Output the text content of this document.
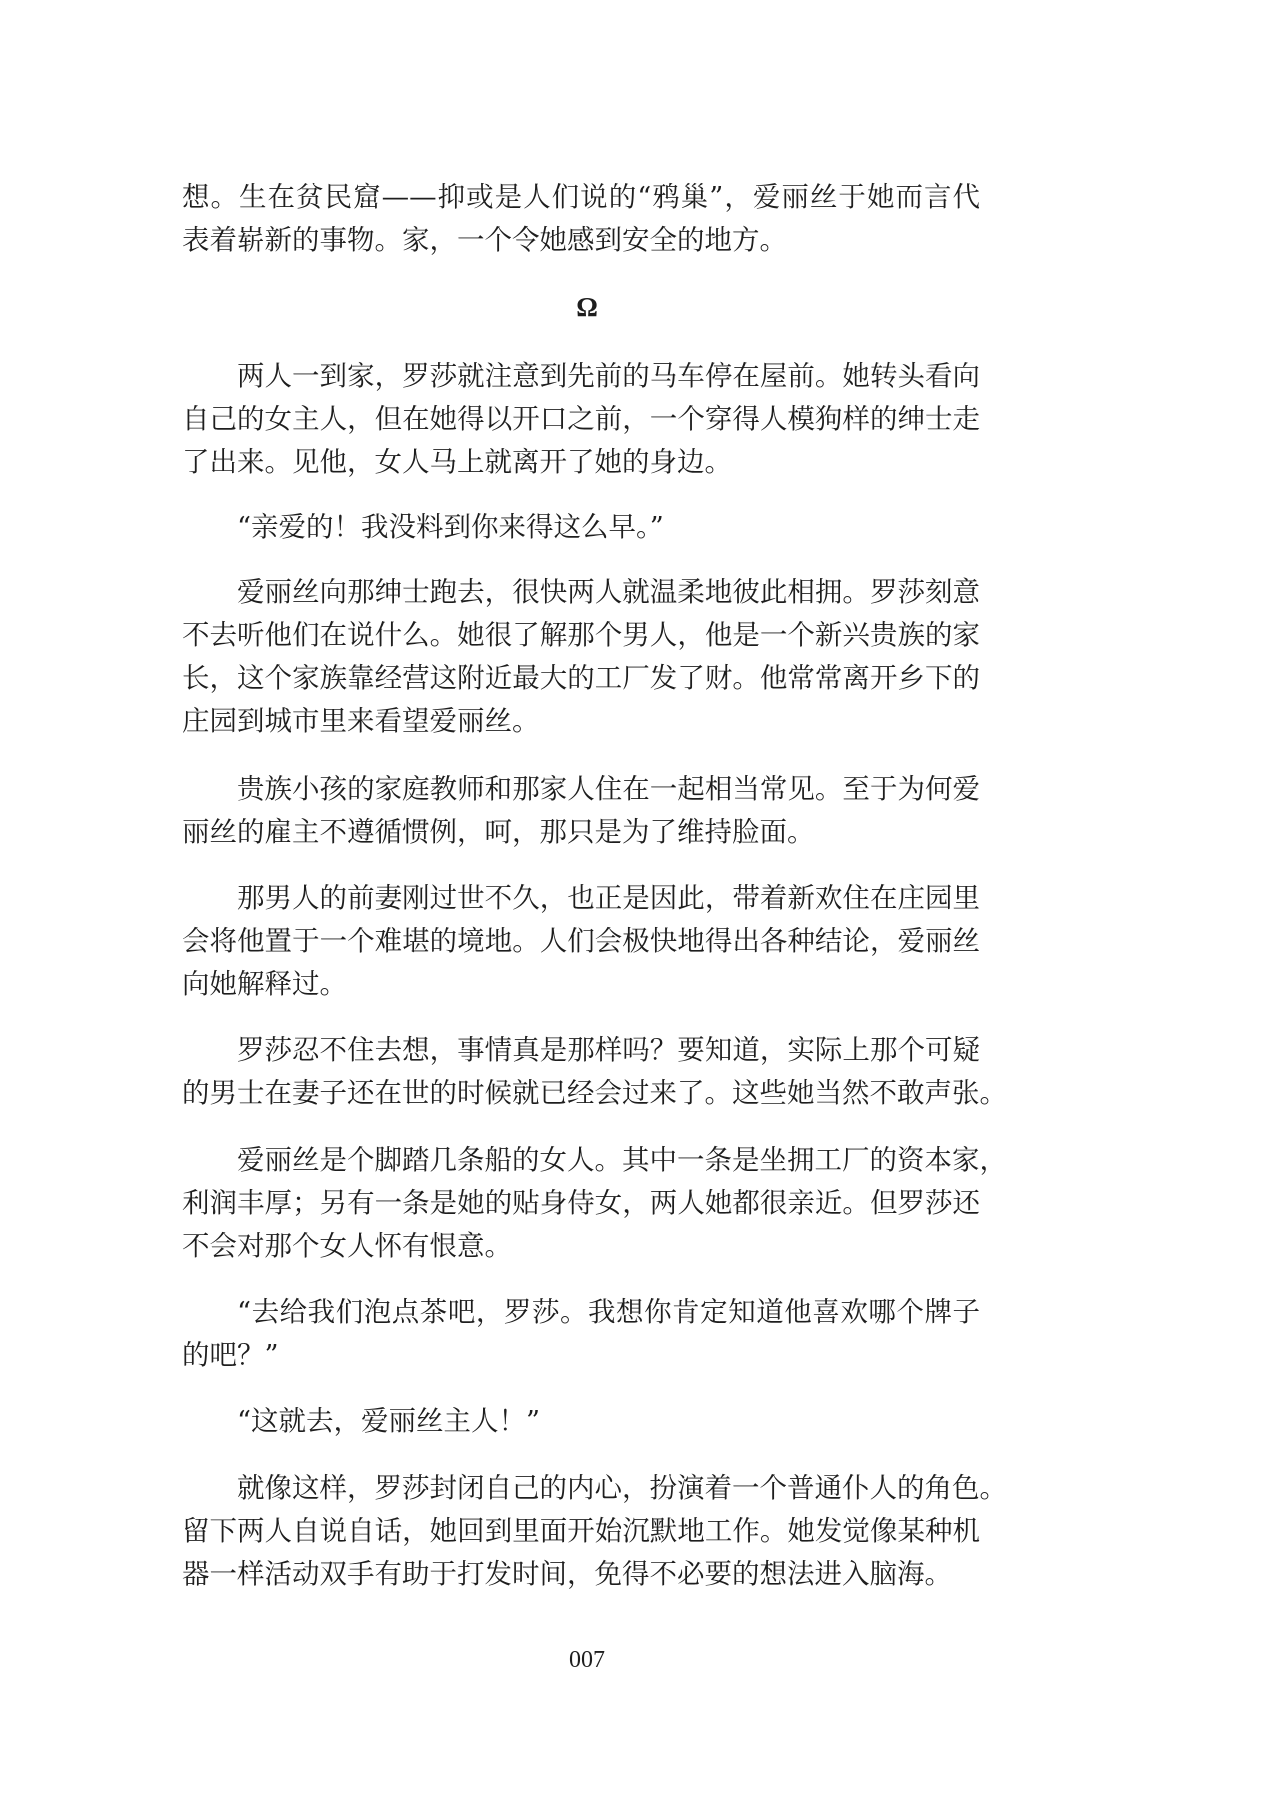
想。生在贫民窟——抑或是人们说的“鸦巢”，爱丽丝于她而言代
表着崭新的事物。家，一个令她感到安全的地方。
Ω
两人一到家，罗莎就注意到先前的马车停在屋前。她转头看向
自己的女主人，但在她得以开口之前，一个穿得人模狗样的绅士走
了出来。见他，女人马上就离开了她的身边。
“亲爱的！我没料到你来得这么早。”
爱丽丝向那绅士跑去，很快两人就温柔地彼此相拥。罗莎刻意
不去听他们在说什么。她很了解那个男人，他是一个新兴贵族的家
长，这个家族靠经营这附近最大的工厂发了财。他常常离开乡下的
庄园到城市里来看望爱丽丝。
贵族小孩的家庭教师和那家人住在一起相当常见。至于为何爱
丽丝的雇主不遵循惯例，呵，那只是为了维持脸面。
那男人的前妻刚过世不久，也正是因此，带着新欢住在庄园里
会将他置于一个难堪的境地。人们会极快地得出各种结论，爱丽丝
向她解释过。
罗莎忍不住去想，事情真是那样吗？要知道，实际上那个可疑
的男士在妻子还在世的时候就已经会过来了。这些她当然不敢声张。
爱丽丝是个脚踏几条船的女人。其中一条是坐拥工厂的资本家，
利润丰厚；另有一条是她的贴身侍女，两人她都很亲近。但罗莎还
不会对那个女人怀有恨意。
“去给我们泡点茶吧，罗莎。我想你肯定知道他喜欢哪个牌子
的吧？”
“这就去，爱丽丝主人！”
就像这样，罗莎封闭自己的内心，扮演着一个普通仆人的角色。
留下两人自说自话，她回到里面开始沉默地工作。她发觉像某种机
器一样活动双手有助于打发时间，免得不必要的想法进入脑海。
007
